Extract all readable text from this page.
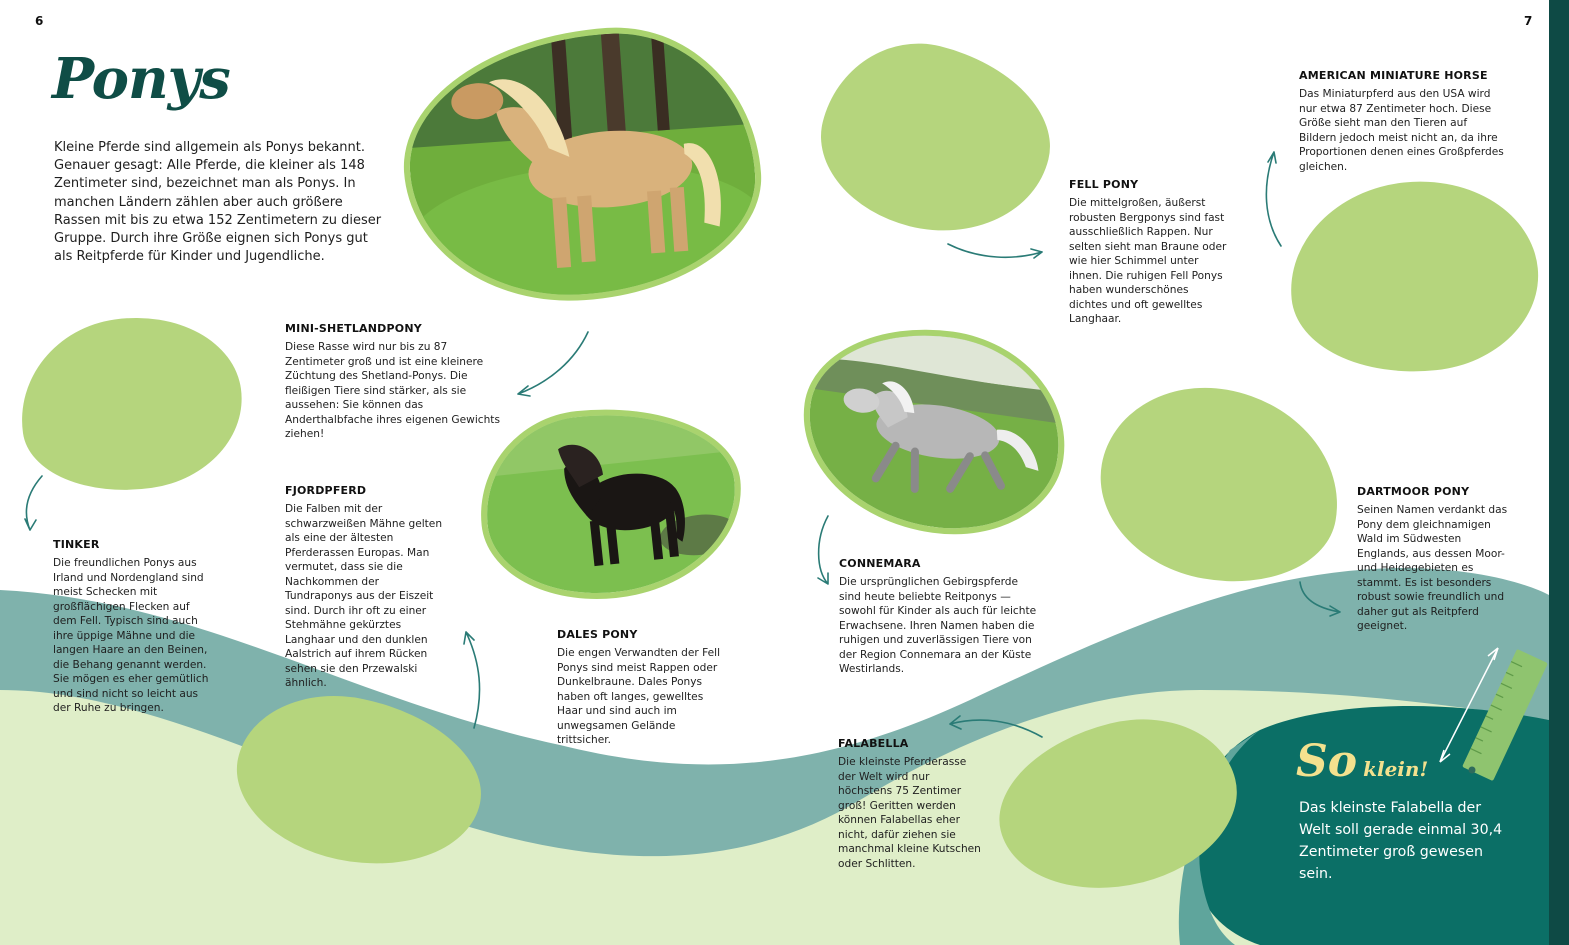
6	7
Ponys

Kleine Pferde sind allgemein als Ponys bekannt. Genauer gesagt: Alle Pferde, die kleiner als 148 Zentimeter sind, bezeichnet man als Ponys. In manchen Ländern zählen aber auch größere Rassen mit bis zu etwa 152 Zentimetern zu dieser Gruppe. Durch ihre Größe eignen sich Ponys gut als Reitpferde für Kinder und Jugendliche.

MINI-SHETLANDPONY

Diese Rasse wird nur bis zu 87 Zentimeter groß und ist eine kleinere Züchtung des Shetland-Ponys. Die fleißigen Tiere sind stärker, als sie aussehen: Sie können das Anderthalbfache ihres eigenen Gewichts ziehen!

TINKER

Die freundlichen Ponys aus Irland und Nordengland sind meist Schecken mit großflächigen Flecken auf dem Fell. Typisch sind auch ihre üppige Mähne und die langen Haare an den Beinen, die Behang genannt werden. Sie mögen es eher gemütlich und sind nicht so leicht aus der Ruhe zu bringen.

FJORDPFERD

Die Falben mit der schwarzweißen Mähne gelten als eine der ältesten Pferderassen Europas. Man vermutet, dass sie die Nachkommen der Tundraponys aus der Eiszeit sind. Durch ihr oft zu einer Stehmähne gekürztes Langhaar und den dunklen Aalstrich auf ihrem Rücken sehen sie den Przewalski ähnlich.

DALES PONY

Die engen Verwandten der Fell Ponys sind meist Rappen oder Dunkelbraune. Dales Ponys haben oft langes, gewelltes Haar und sind auch im unwegsamen Gelände trittsicher.

FELL PONY

Die mittelgroßen, äußerst robusten Bergponys sind fast ausschließlich Rappen. Nur selten sieht man Braune oder wie hier Schimmel unter ihnen. Die ruhigen Fell Ponys haben wunderschönes dichtes und oft gewelltes Langhaar.

AMERICAN MINIATURE HORSE

Das Miniaturpferd aus den USA wird nur etwa 87 Zentimeter hoch. Diese Größe sieht man den Tieren auf Bildern jedoch meist nicht an, da ihre Proportionen denen eines Großpferdes gleichen.

CONNEMARA

Die ursprünglichen Gebirgspferde sind heute beliebte Reitponys — sowohl für Kinder als auch für leichte Erwachsene. Ihren Namen haben die ruhigen und zuverlässigen Tiere von der Region Connemara an der Küste Westirlands.

DARTMOOR PONY

Seinen Namen verdankt das Pony dem gleichnamigen Wald im Südwesten Englands, aus dessen Moor- und Heidegebieten es stammt. Es ist besonders robust sowie freundlich und daher gut als Reitpferd geeignet.

FALABELLA

Die kleinste Pferderasse der Welt wird nur höchstens 75 Zentimer groß! Geritten werden können Falabellas eher nicht, dafür ziehen sie manchmal kleine Kutschen oder Schlitten.

So klein!

Das kleinste Falabella der Welt soll gerade einmal 30,4 Zentimeter groß gewesen sein.
